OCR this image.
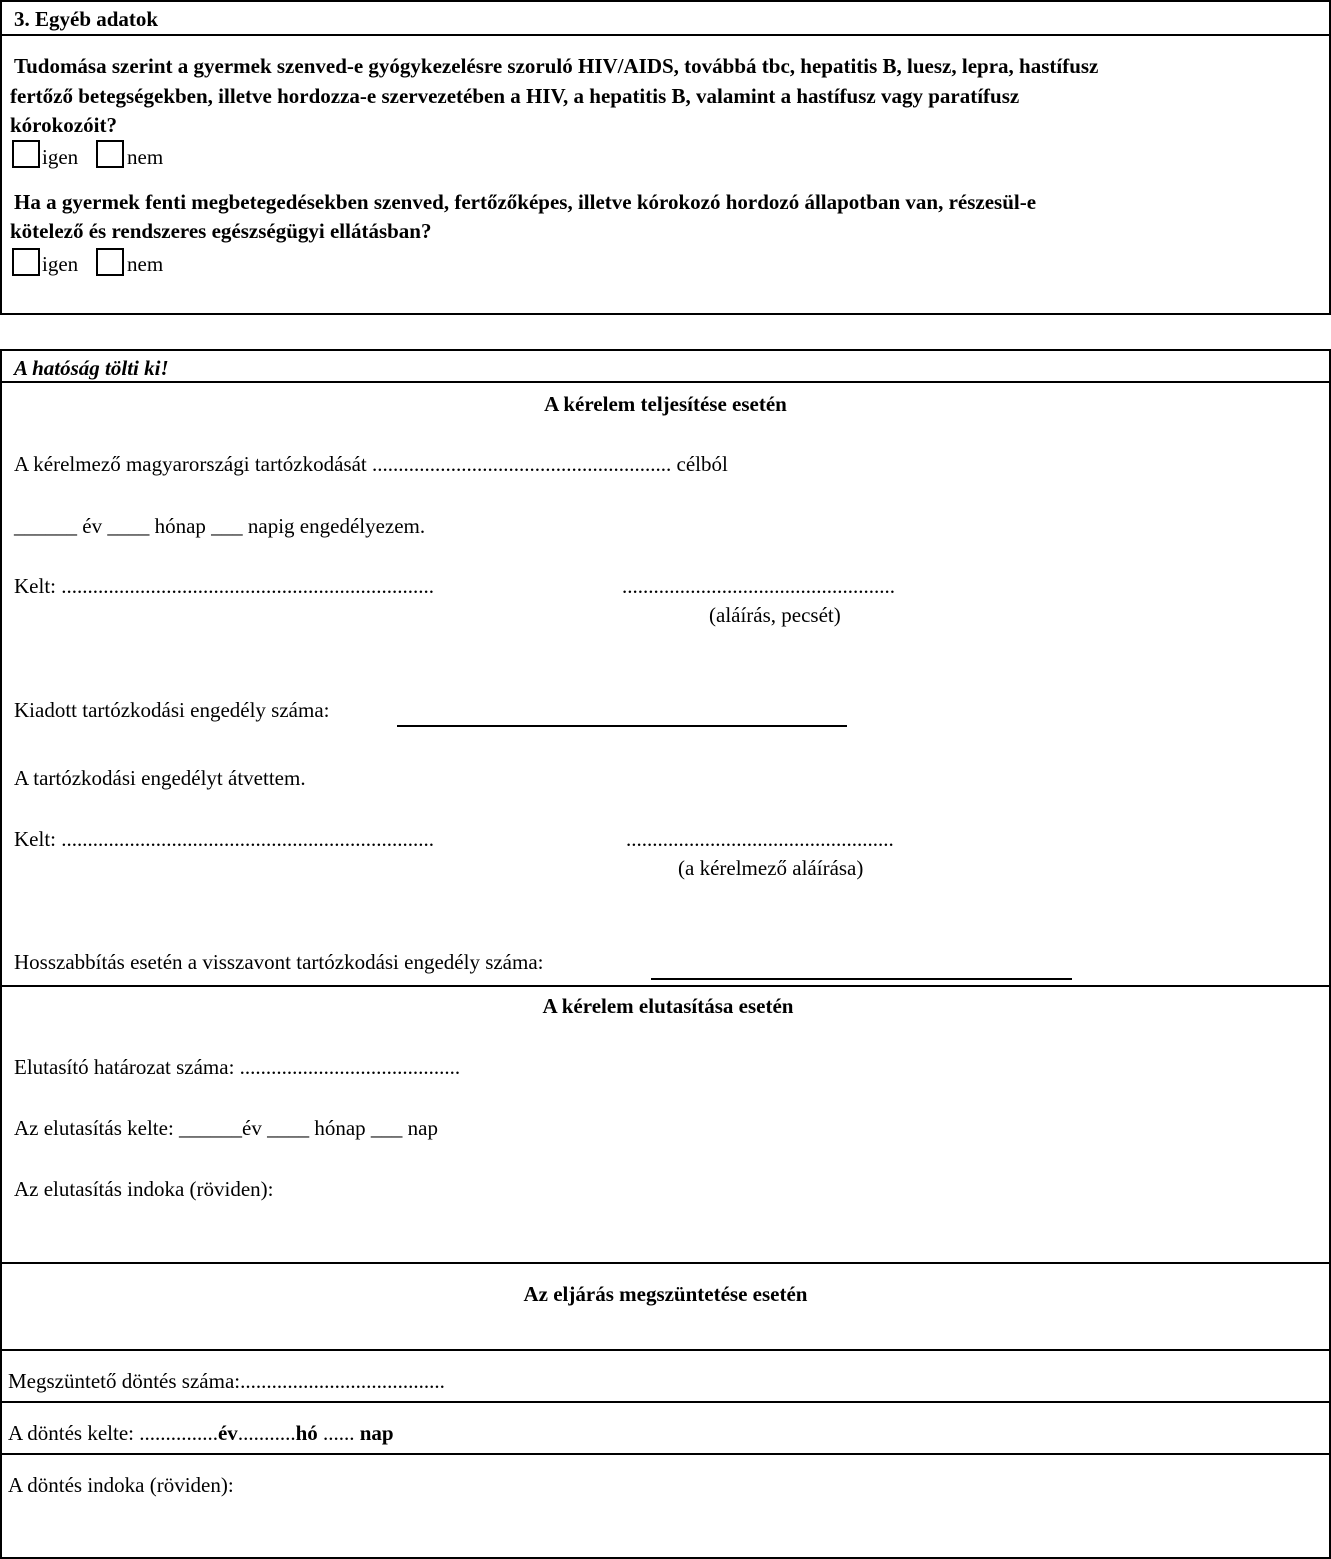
3. Egyéb adatok
Tudomása szerint a gyermek szenved-e gyógykezelésre szoruló HIV/AIDS, továbbá tbc, hepatitis B, luesz, lepra, hastífusz
fertőző betegségekben, illetve hordozza-e szervezetében a HIV, a hepatitis B, valamint a hastífusz vagy paratífusz
kórokozóit?
igen nem
Ha a gyermek fenti megbetegedésekben szenved, fertőzőképes, illetve kórokozó hordozó állapotban van, részesül-e
kötelező és rendszeres egészségügyi ellátásban?
igen nem
A hatóság tölti ki!
A kérelem teljesítése esetén
A kérelmező magyarországi tartózkodását ......................................................... célból
______ év ____ hónap ___ napig engedélyezem.
Kelt: .......................................................................	....................................................
(aláírás, pecsét)
Kiadott tartózkodási engedély száma:
A tartózkodási engedélyt átvettem.
Kelt: .......................................................................	...................................................
(a kérelmező aláírása)
Hosszabbítás esetén a visszavont tartózkodási engedély száma:
A kérelem elutasítása esetén
Elutasító határozat száma: ..........................................
Az elutasítás kelte: ______év ____ hónap ___ nap
Az elutasítás indoka (röviden):
Az eljárás megszüntetése esetén
Megszüntető döntés száma:.......................................
A döntés kelte: ...............év...........hó ...... nap
A döntés indoka (röviden):
